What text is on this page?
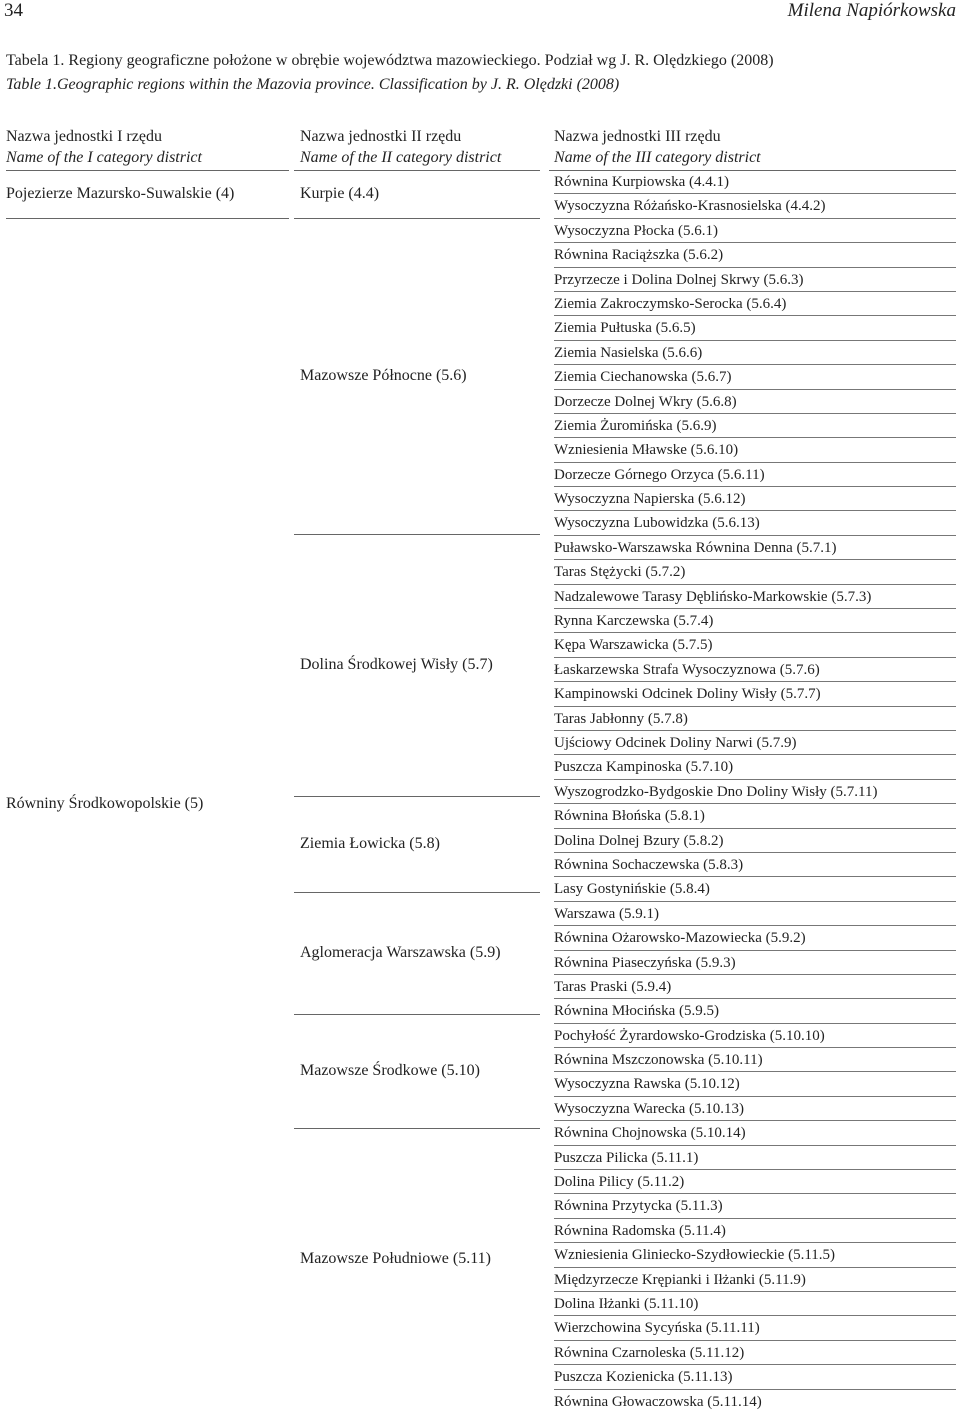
34	Milena Napiórkowska
Tabela 1. Regiony geograficzne położone w obrębie województwa mazowieckiego. Podział wg J. R. Olędzkiego (2008)
Table 1.Geographic regions within the Mazovia province. Classification by J. R. Olędzki (2008)
Nazwa jednostki I rzędu
Name of the I category district
Nazwa jednostki II rzędu
Name of the II category district
Nazwa jednostki III rzędu
Name of the III category district
Pojezierze Mazursko-Suwalskie (4)
Równiny Środkowopolskie (5)
Kurpie (4.4)
Mazowsze Północne (5.6)
Dolina Środkowej Wisły (5.7)
Ziemia Łowicka (5.8)
Aglomeracja Warszawska (5.9)
Mazowsze Środkowe (5.10)
Mazowsze Południowe (5.11)
Równina Kurpiowska (4.4.1)
Wysoczyzna Różańsko-Krasnosielska (4.4.2)
Wysoczyzna Płocka (5.6.1)
Równina Raciąższka (5.6.2)
Przyrzecze i Dolina Dolnej Skrwy (5.6.3)
Ziemia Zakroczymsko-Serocka (5.6.4)
Ziemia Pułtuska (5.6.5)
Ziemia Nasielska (5.6.6)
Ziemia Ciechanowska (5.6.7)
Dorzecze Dolnej Wkry (5.6.8)
Ziemia Żuromińska (5.6.9)
Wzniesienia Mławske (5.6.10)
Dorzecze Górnego Orzyca (5.6.11)
Wysoczyzna Napierska (5.6.12)
Wysoczyzna Lubowidzka (5.6.13)
Puławsko-Warszawska Równina Denna (5.7.1)
Taras Stężycki (5.7.2)
Nadzalewowe Tarasy Dęblińsko-Markowskie (5.7.3)
Rynna Karczewska (5.7.4)
Kępa Warszawicka (5.7.5)
Łaskarzewska Strafa Wysoczyznowa (5.7.6)
Kampinowski Odcinek Doliny Wisły (5.7.7)
Taras Jabłonny (5.7.8)
Ujściowy Odcinek Doliny Narwi (5.7.9)
Puszcza Kampinoska (5.7.10)
Wyszogrodzko-Bydgoskie Dno Doliny Wisły (5.7.11)
Równina Błońska (5.8.1)
Dolina Dolnej Bzury (5.8.2)
Równina Sochaczewska (5.8.3)
Lasy Gostynińskie (5.8.4)
Warszawa (5.9.1)
Równina Ożarowsko-Mazowiecka (5.9.2)
Równina Piaseczyńska (5.9.3)
Taras Praski (5.9.4)
Równina Młocińska (5.9.5)
Pochyłość Żyrardowsko-Grodziska (5.10.10)
Równina Mszczonowska (5.10.11)
Wysoczyzna Rawska (5.10.12)
Wysoczyzna Warecka (5.10.13)
Równina Chojnowska (5.10.14)
Puszcza Pilicka (5.11.1)
Dolina Pilicy (5.11.2)
Równina Przytycka (5.11.3)
Równina Radomska (5.11.4)
Wzniesienia Gliniecko-Szydłowieckie (5.11.5)
Międzyrzecze Krępianki i Iłżanki (5.11.9)
Dolina Iłżanki (5.11.10)
Wierzchowina Sycyńska (5.11.11)
Równina Czarnoleska (5.11.12)
Puszcza Kozienicka (5.11.13)
Równina Głowaczowska (5.11.14)
